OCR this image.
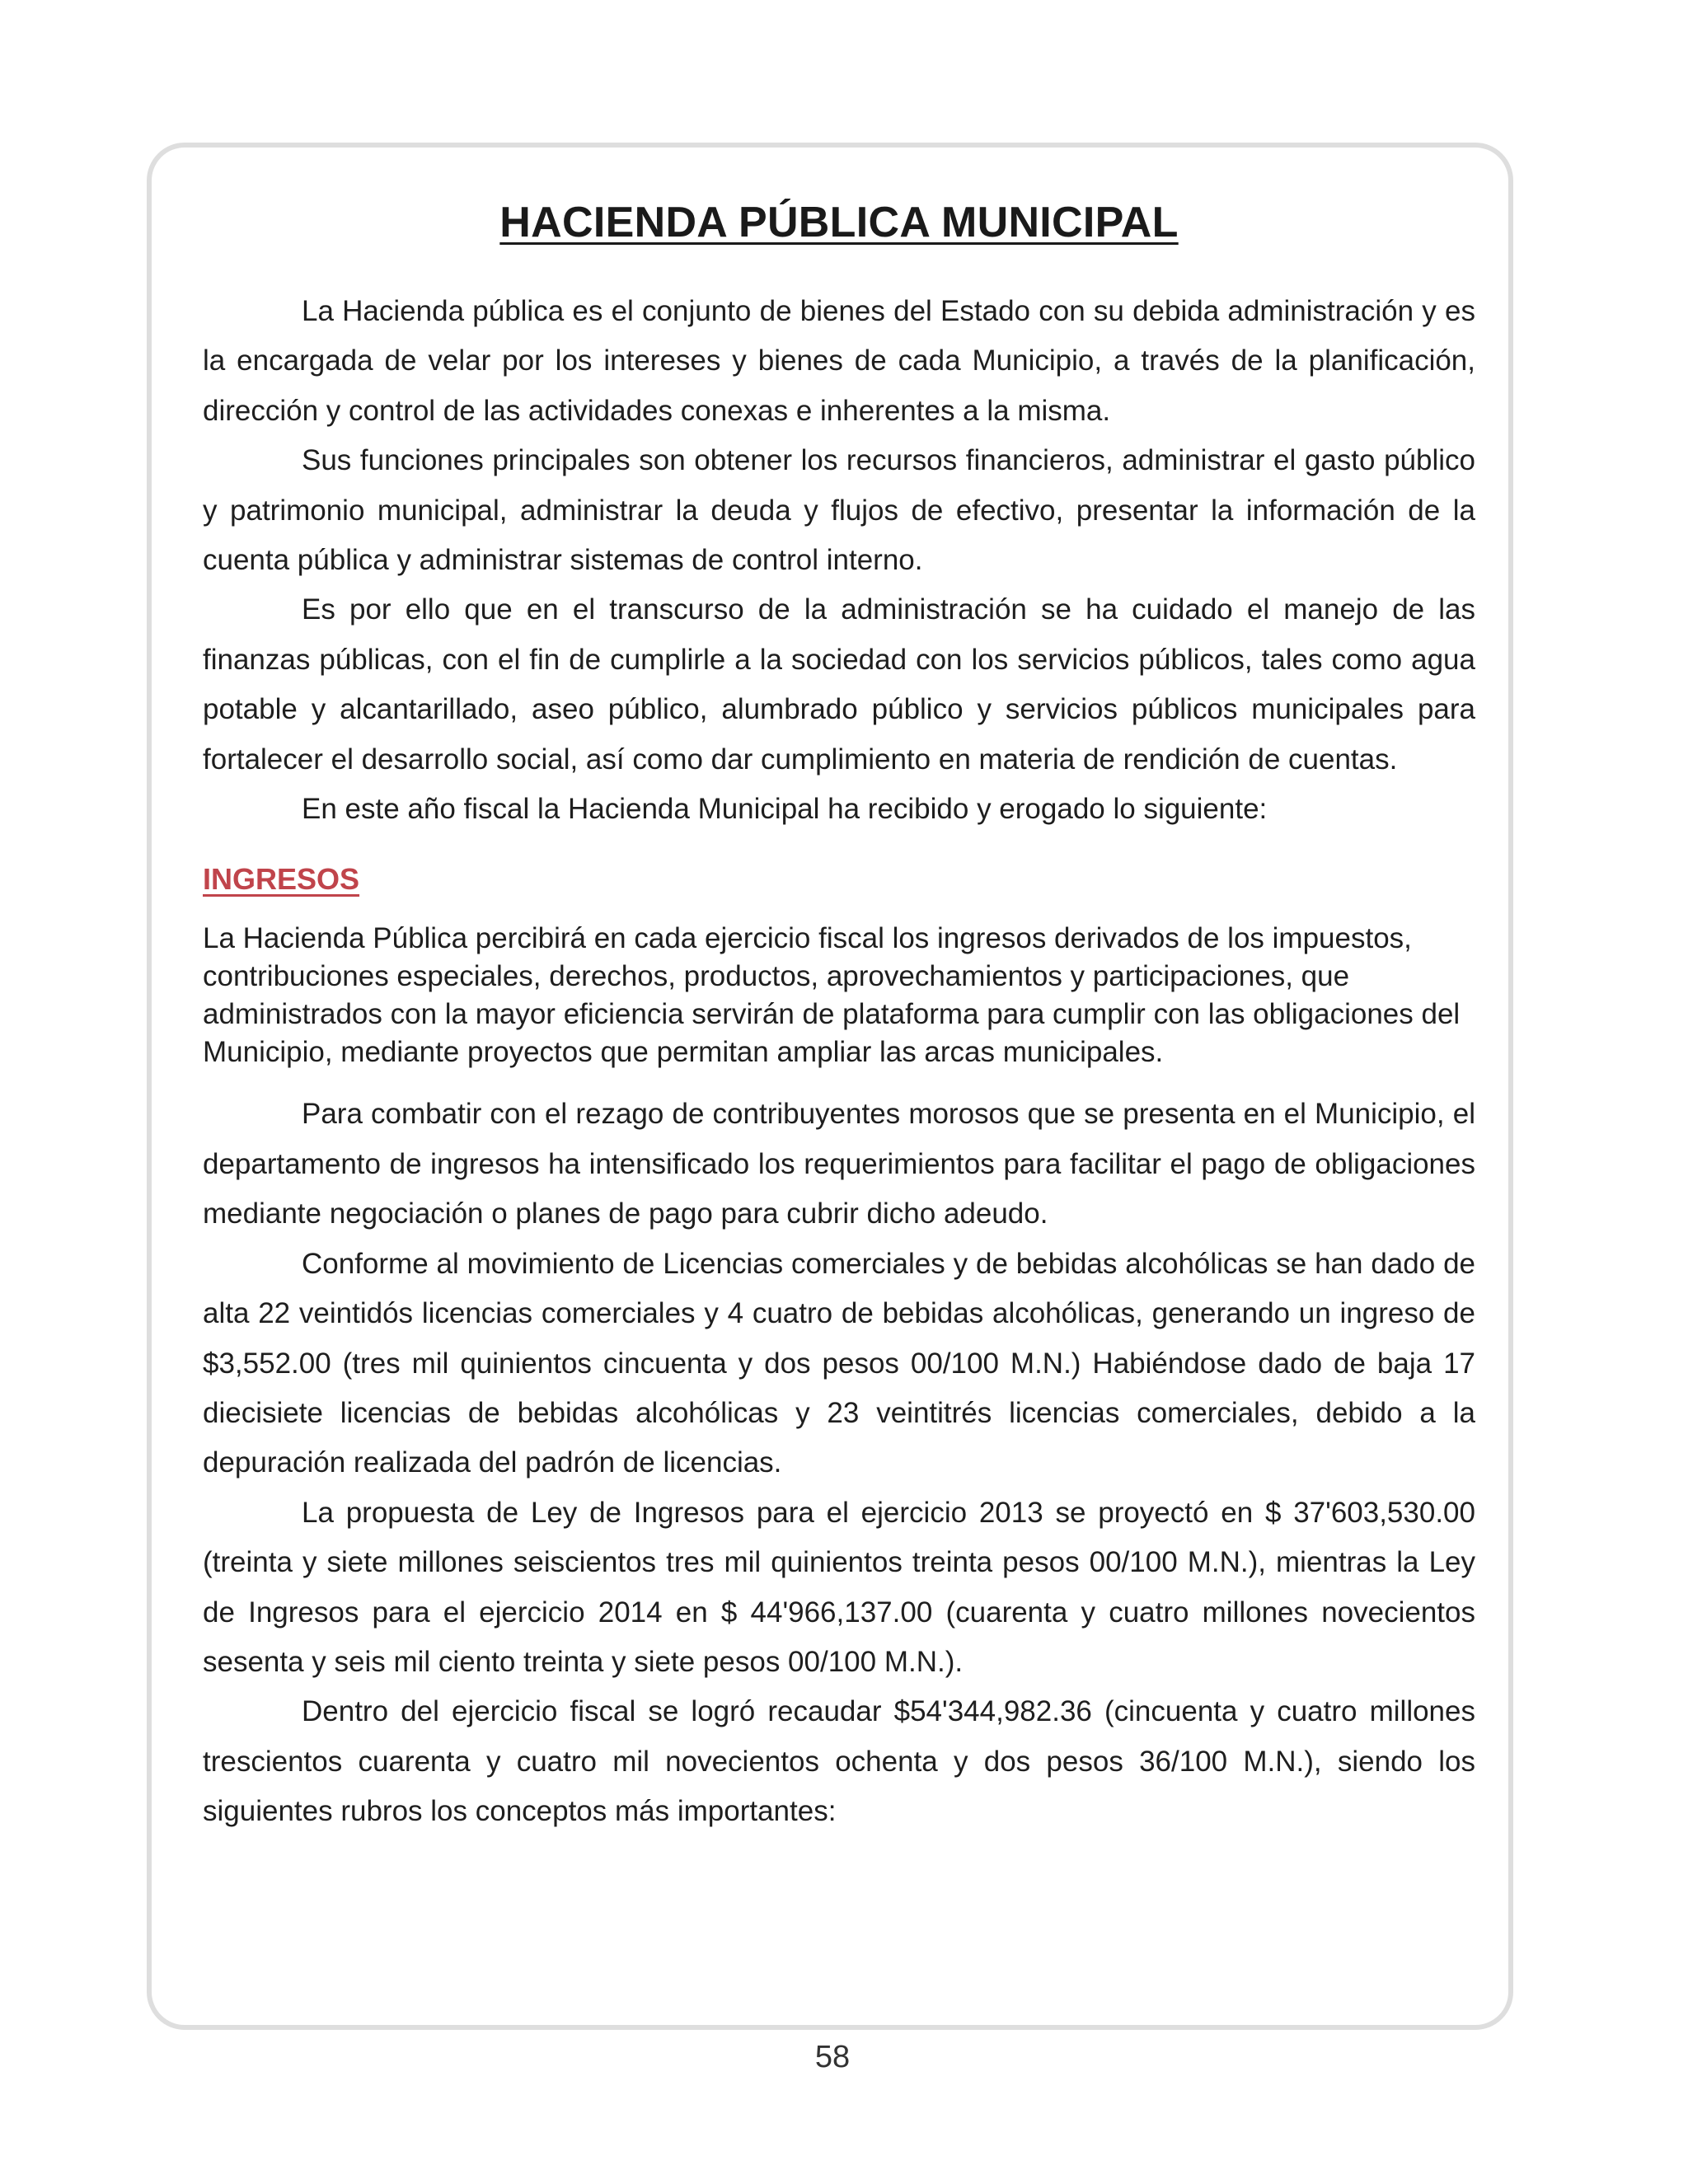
HACIENDA PÚBLICA MUNICIPAL

La Hacienda pública es el conjunto de bienes del Estado con su debida administración y es la encargada de velar por los intereses y bienes de cada Municipio, a través de la planificación, dirección y control de las actividades conexas e inherentes a la misma.

Sus funciones principales son obtener los recursos financieros, administrar el gasto público y patrimonio municipal, administrar la deuda y flujos de efectivo, presentar la información de la cuenta pública y administrar sistemas de control interno.

Es por ello que en el transcurso de la administración se ha cuidado el manejo de las finanzas públicas, con el fin de cumplirle a la sociedad con los servicios públicos, tales como agua potable y alcantarillado, aseo público, alumbrado público y servicios públicos municipales para fortalecer el desarrollo social, así como dar cumplimiento en materia de rendición de cuentas.

En este año fiscal la Hacienda Municipal ha recibido y erogado lo siguiente:

INGRESOS

La Hacienda Pública percibirá en cada ejercicio fiscal los ingresos derivados de los impuestos, contribuciones especiales, derechos, productos, aprovechamientos y participaciones, que administrados con la mayor eficiencia servirán de plataforma para cumplir con las obligaciones del Municipio, mediante proyectos que permitan ampliar las arcas municipales.

Para combatir con el rezago de contribuyentes morosos que se presenta en el Municipio, el departamento de ingresos ha intensificado los requerimientos para facilitar el pago de obligaciones mediante negociación o planes de pago para cubrir dicho adeudo.

Conforme al movimiento de Licencias comerciales y de bebidas alcohólicas se han dado de alta 22 veintidós licencias comerciales y 4 cuatro de bebidas alcohólicas, generando un ingreso de $3,552.00 (tres mil quinientos cincuenta y dos pesos 00/100 M.N.) Habiéndose dado de baja 17 diecisiete licencias de bebidas alcohólicas y 23 veintitrés licencias comerciales, debido a la depuración realizada del padrón de licencias.

La propuesta de Ley de Ingresos para el ejercicio 2013 se proyectó en $ 37'603,530.00 (treinta y siete millones seiscientos tres mil quinientos treinta pesos 00/100 M.N.), mientras la Ley de Ingresos para el ejercicio 2014 en $ 44'966,137.00 (cuarenta y cuatro millones novecientos sesenta y seis mil ciento treinta y siete pesos 00/100 M.N.).

Dentro del ejercicio fiscal se logró recaudar $54'344,982.36 (cincuenta y cuatro millones trescientos cuarenta y cuatro mil novecientos ochenta y dos pesos 36/100 M.N.), siendo los siguientes rubros los conceptos más importantes:

58
